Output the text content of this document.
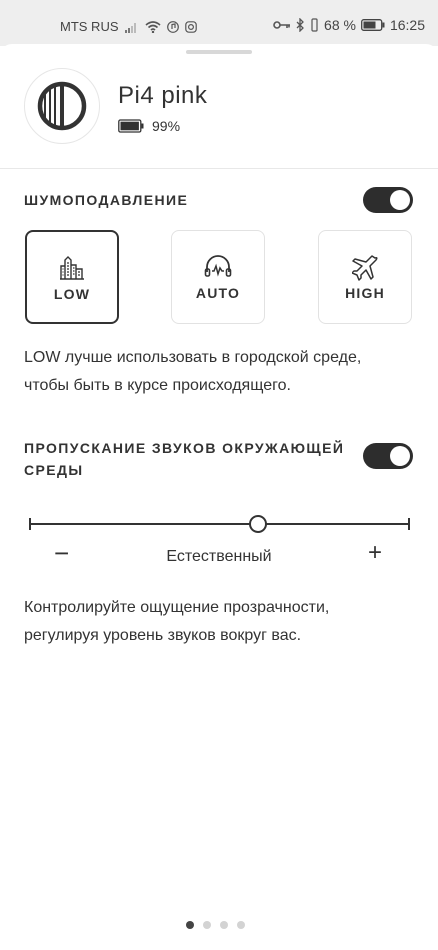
MTS RUS	68 % 16:25
Pi4 pink
99%
ШУМОПОДАВЛЕНИЕ
LOW	AUTO	HIGH
LOW лучше использовать в городской среде,
чтобы быть в курсе происходящего.
ПРОПУСКАНИЕ ЗВУКОВ ОКРУЖАЮЩЕЙ
СРЕДЫ
−	Естественный	+
Контролируйте ощущение прозрачности,
регулируя уровень звуков вокруг вас.
